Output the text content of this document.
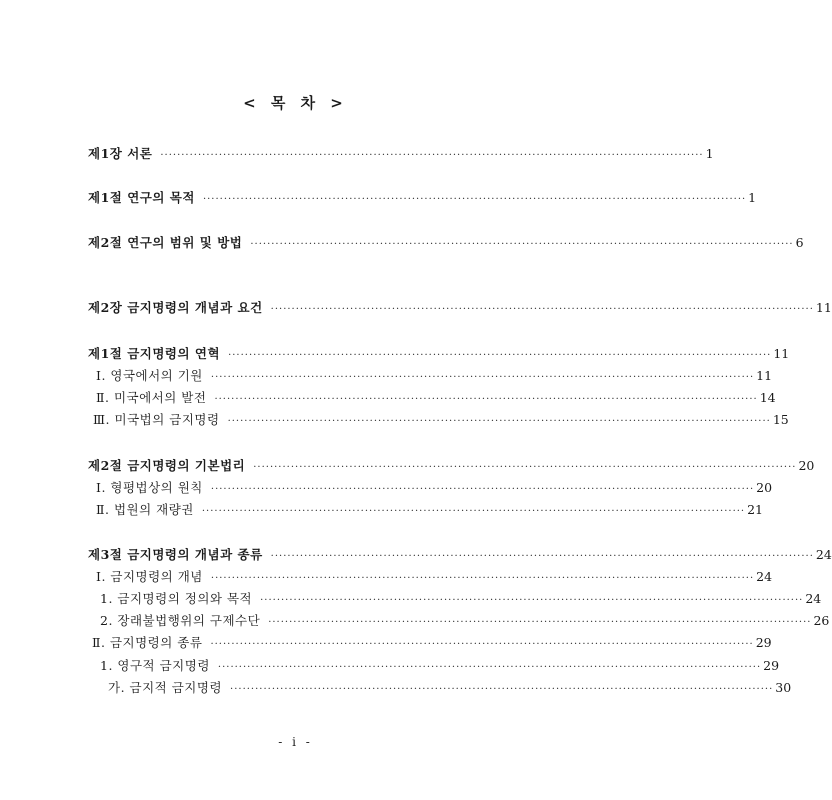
< 목 차 >
제1장 서론 ·································································································································· 1
제1절 연구의 목적 ·································································································································· 1
제2절 연구의 범위 및 방법 ·································································································································· 6
제2장 금지명령의 개념과 요건 ·································································································································· 11
제1절 금지명령의 연혁 ·································································································································· 11
Ⅰ. 영국에서의 기원 ·································································································································· 11
Ⅱ. 미국에서의 발전 ·································································································································· 14
Ⅲ. 미국법의 금지명령 ·································································································································· 15
제2절 금지명령의 기본법리 ·································································································································· 20
Ⅰ. 형평법상의 원칙 ·································································································································· 20
Ⅱ. 법원의 재량권 ·································································································································· 21
제3절 금지명령의 개념과 종류 ·································································································································· 24
Ⅰ. 금지명령의 개념 ·································································································································· 24
1. 금지명령의 정의와 목적 ·································································································································· 24
2. 장래불법행위의 구제수단 ·································································································································· 26
Ⅱ. 금지명령의 종류 ·································································································································· 29
1. 영구적 금지명령 ·································································································································· 29
가. 금지적 금지명령 ·································································································································· 30
- i -
